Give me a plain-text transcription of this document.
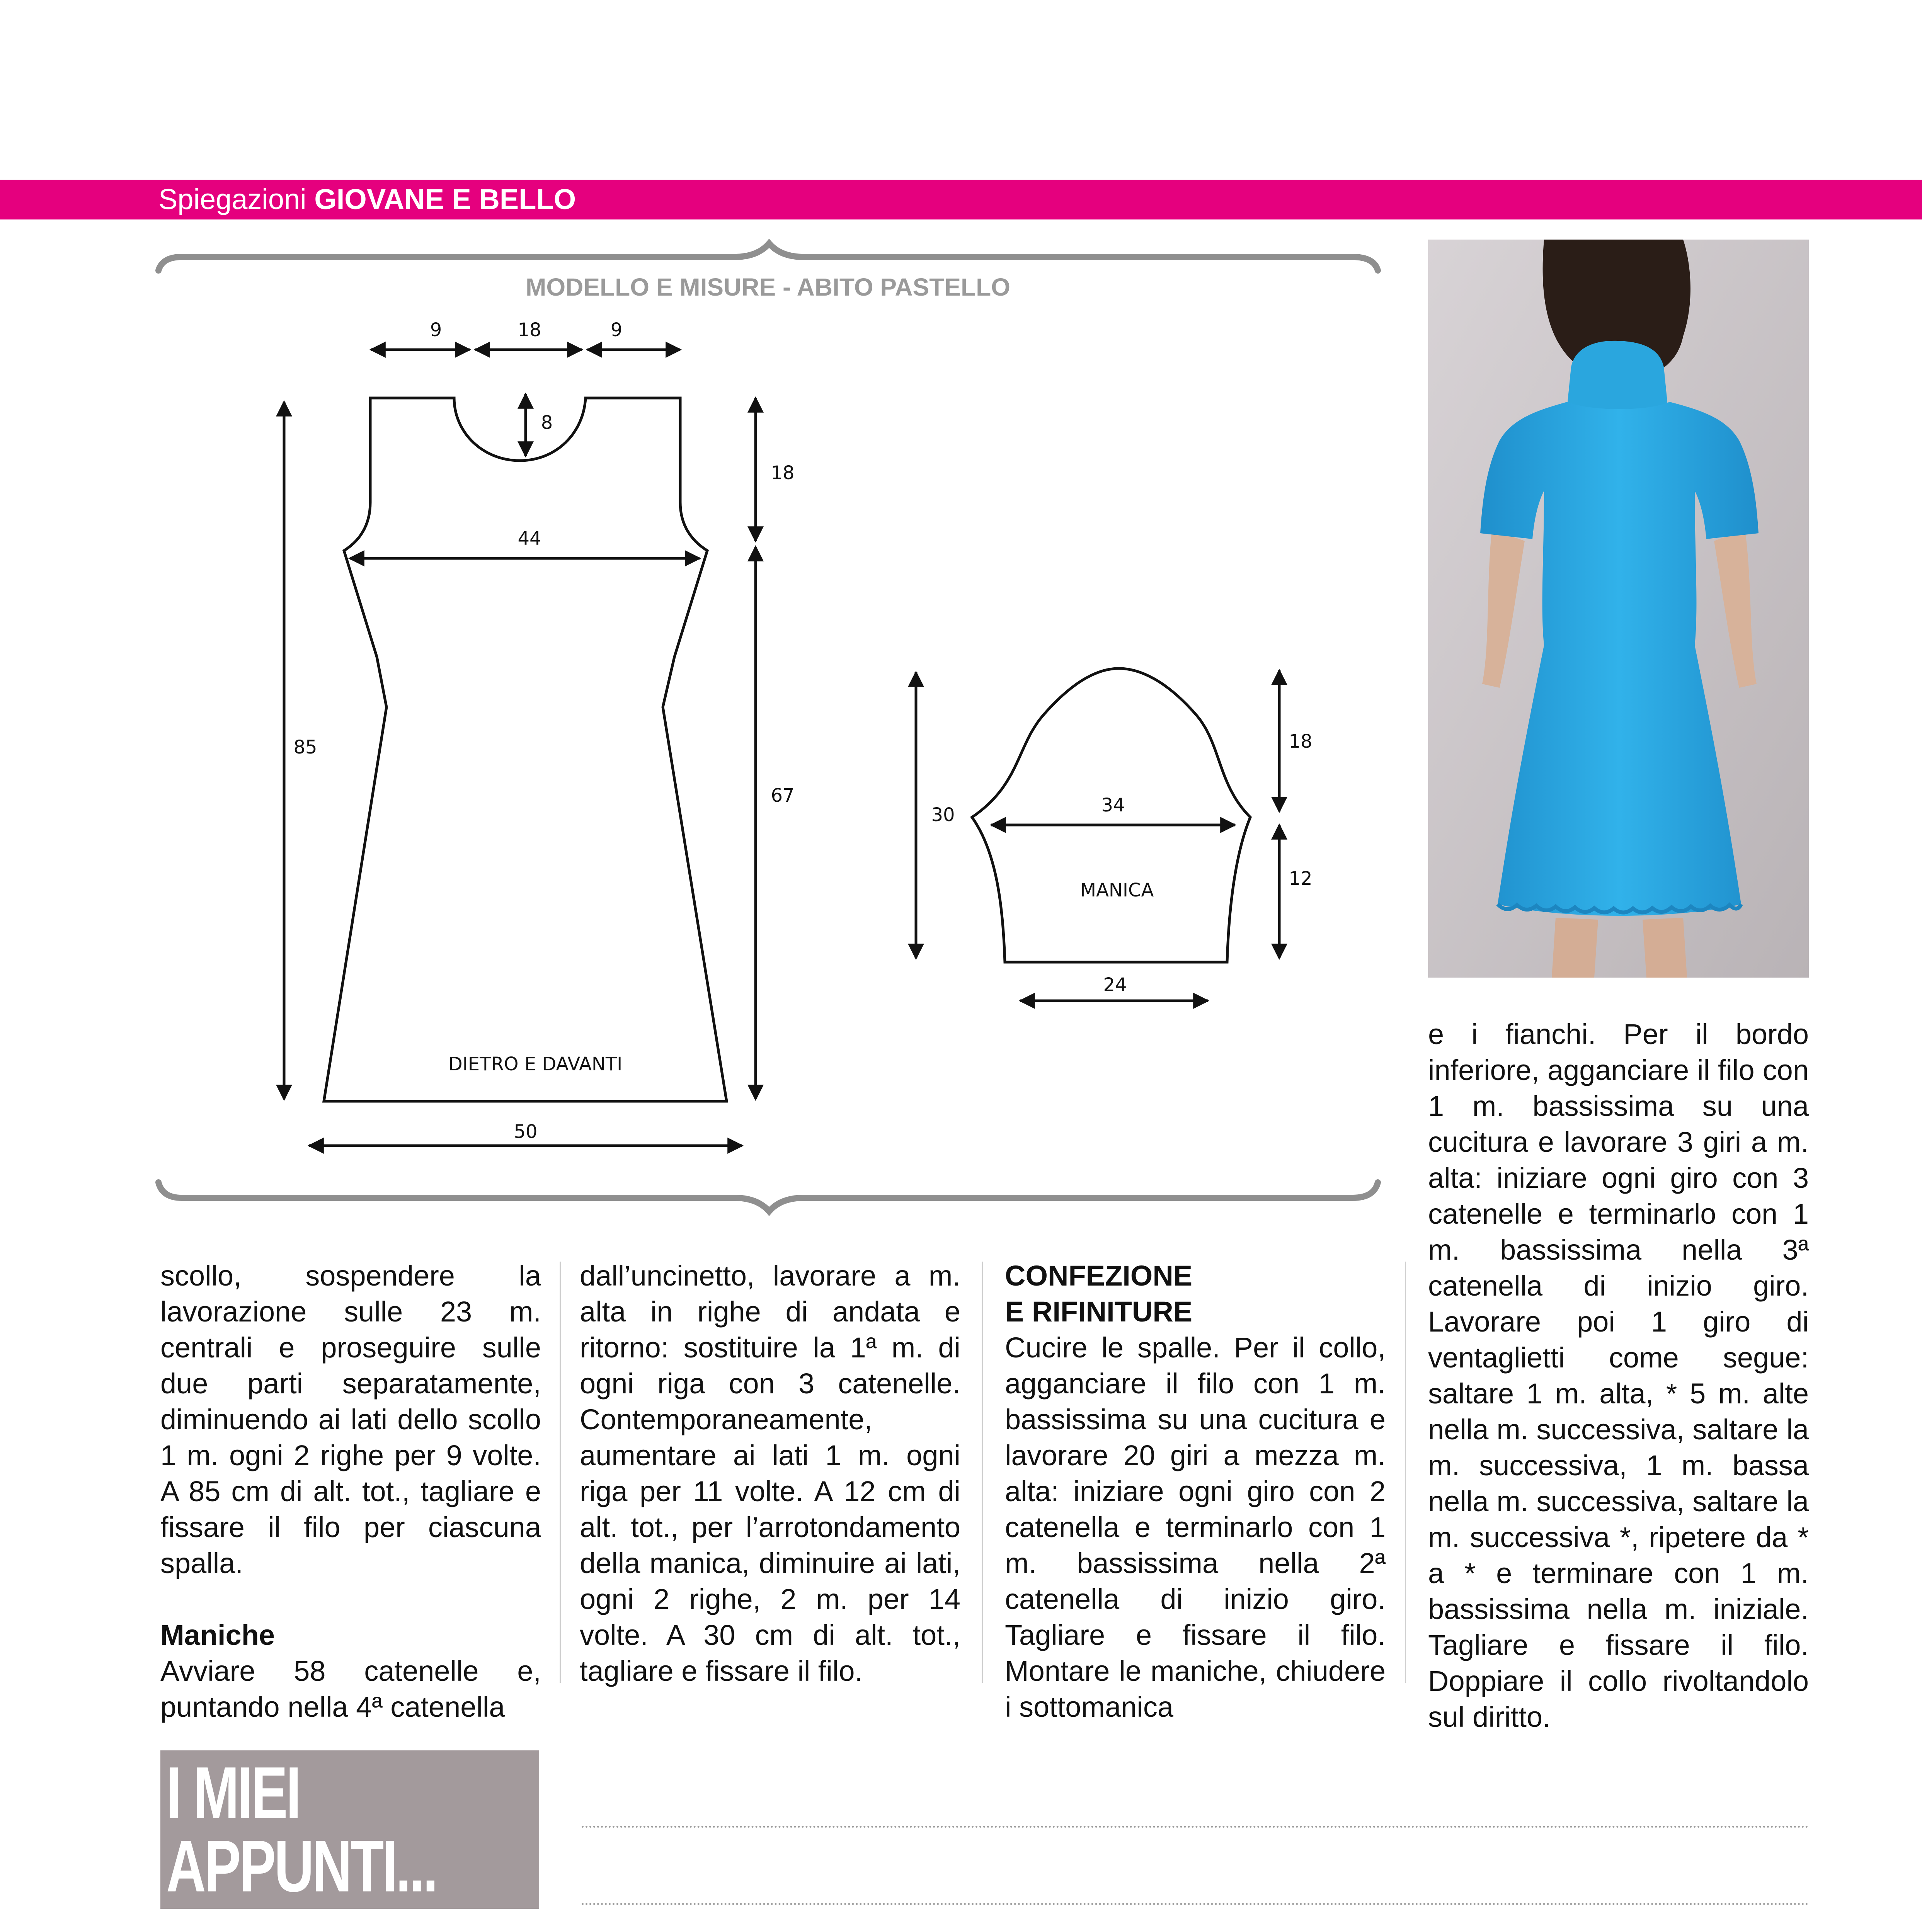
Spiegazioni GIOVANE E BELLO
MODELLO E MISURE - ABITO PASTELLO
9	18	9
8
18
44
85
67
DIETRO E DAVANTI
50
30	34
18
12
MANICA
24

scollo, sospendere la lavorazione sulle 23 m. centrali e proseguire sulle due parti separatamente, diminuendo ai lati dello scollo 1 m. ogni 2 righe per 9 volte. A 85 cm di alt. tot., tagliare e fissare il filo per ciascuna spalla.

Maniche

Avviare 58 catenelle e, puntando nella 4ª catenella

dall’uncinetto, lavorare a m. alta in righe di andata e ritorno: sostituire la 1ª m. di ogni riga con 3 catenelle. Contemporaneamente, aumentare ai lati 1 m. ogni riga per 11 volte. A 12 cm di alt. tot., per l’arrotondamento della manica, diminuire ai lati, ogni 2 righe, 2 m. per 14 volte. A 30 cm di alt. tot., tagliare e fissare il filo.

CONFEZIONE
E RIFINITURE

Cucire le spalle. Per il collo, agganciare il filo con 1 m. bassissima su una cucitura e lavorare 20 giri a mezza m. alta: iniziare ogni giro con 2 catenella e terminarlo con 1 m. bassissima nella 2ª catenella di inizio giro. Tagliare e fissare il filo. Montare le maniche, chiudere i sottomanica

e i fianchi. Per il bordo inferiore, agganciare il filo con 1 m. bassissima su una cucitura e lavorare 3 giri a m. alta: iniziare ogni giro con 3 catenelle e terminarlo con 1 m. bassissima nella 3ª catenella di inizio giro. Lavorare poi 1 giro di ventaglietti come segue: saltare 1 m. alta, * 5 m. alte nella m. successiva, saltare la m. successiva, 1 m. bassa nella m. successiva, saltare la m. successiva *, ripetere da * a * e terminare con 1 m. bassissima nella m. iniziale. Tagliare e fissare il filo. Doppiare il collo rivoltandolo sul diritto.

I MIEI
APPUNTI...
